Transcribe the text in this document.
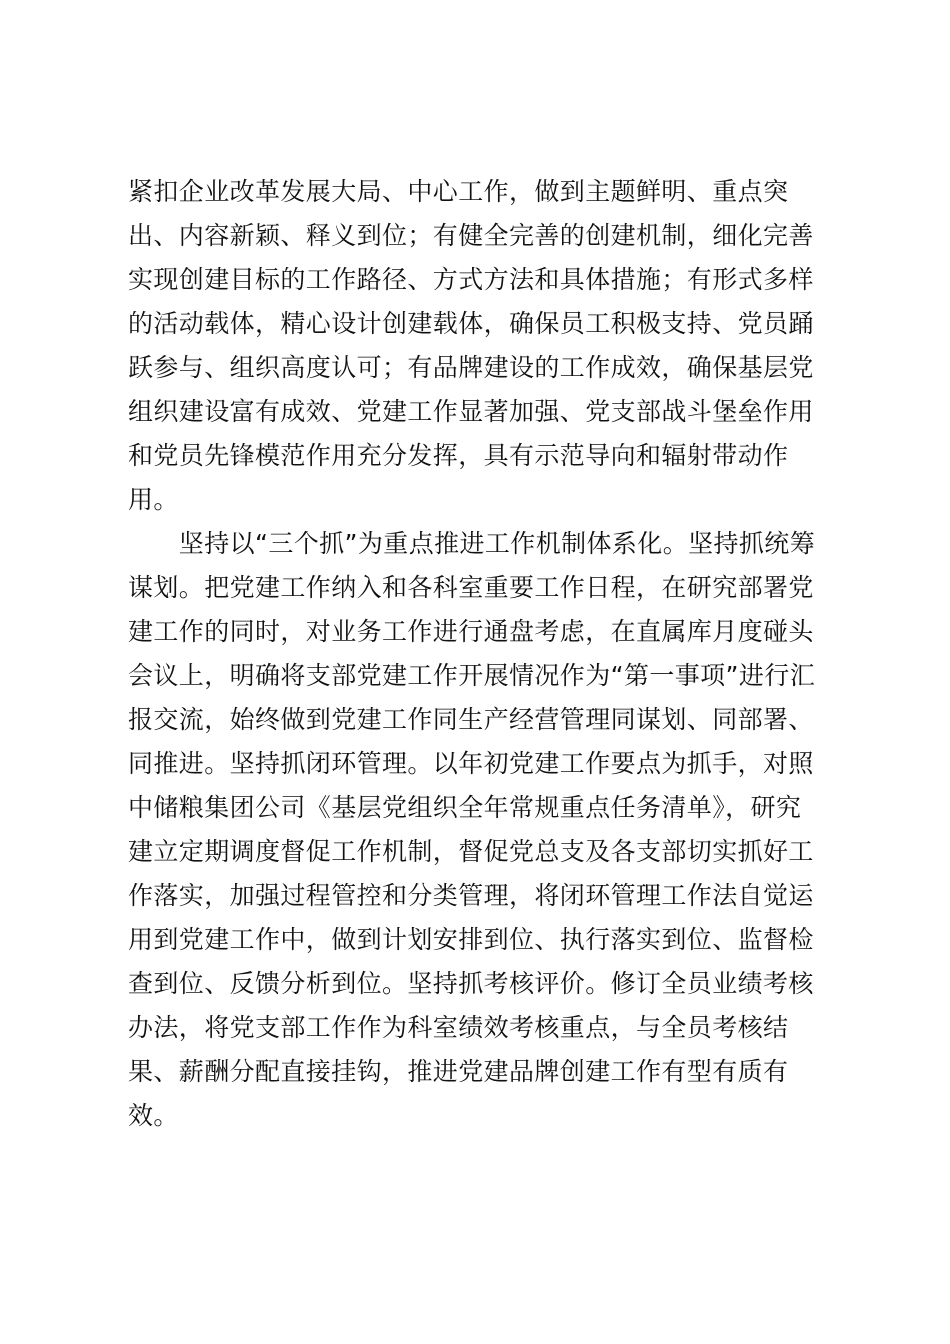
紧扣企业改革发展大局、中心工作，做到主题鲜明、重点突
出、内容新颖、释义到位；有健全完善的创建机制，细化完善
实现创建目标的工作路径、方式方法和具体措施；有形式多样
的活动载体，精心设计创建载体，确保员工积极支持、党员踊
跃参与、组织高度认可；有品牌建设的工作成效，确保基层党
组织建设富有成效、党建工作显著加强、党支部战斗堡垒作用
和党员先锋模范作用充分发挥，具有示范导向和辐射带动作
用。

　　坚持以“三个抓”为重点推进工作机制体系化。坚持抓统筹
谋划。把党建工作纳入和各科室重要工作日程，在研究部署党
建工作的同时，对业务工作进行通盘考虑，在直属库月度碰头
会议上，明确将支部党建工作开展情况作为“第一事项”进行汇
报交流，始终做到党建工作同生产经营管理同谋划、同部署、
同推进。坚持抓闭环管理。以年初党建工作要点为抓手，对照
中储粮集团公司《基层党组织全年常规重点任务清单》，研究
建立定期调度督促工作机制，督促党总支及各支部切实抓好工
作落实，加强过程管控和分类管理，将闭环管理工作法自觉运
用到党建工作中，做到计划安排到位、执行落实到位、监督检
查到位、反馈分析到位。坚持抓考核评价。修订全员业绩考核
办法，将党支部工作作为科室绩效考核重点，与全员考核结
果、薪酬分配直接挂钩，推进党建品牌创建工作有型有质有
效。
